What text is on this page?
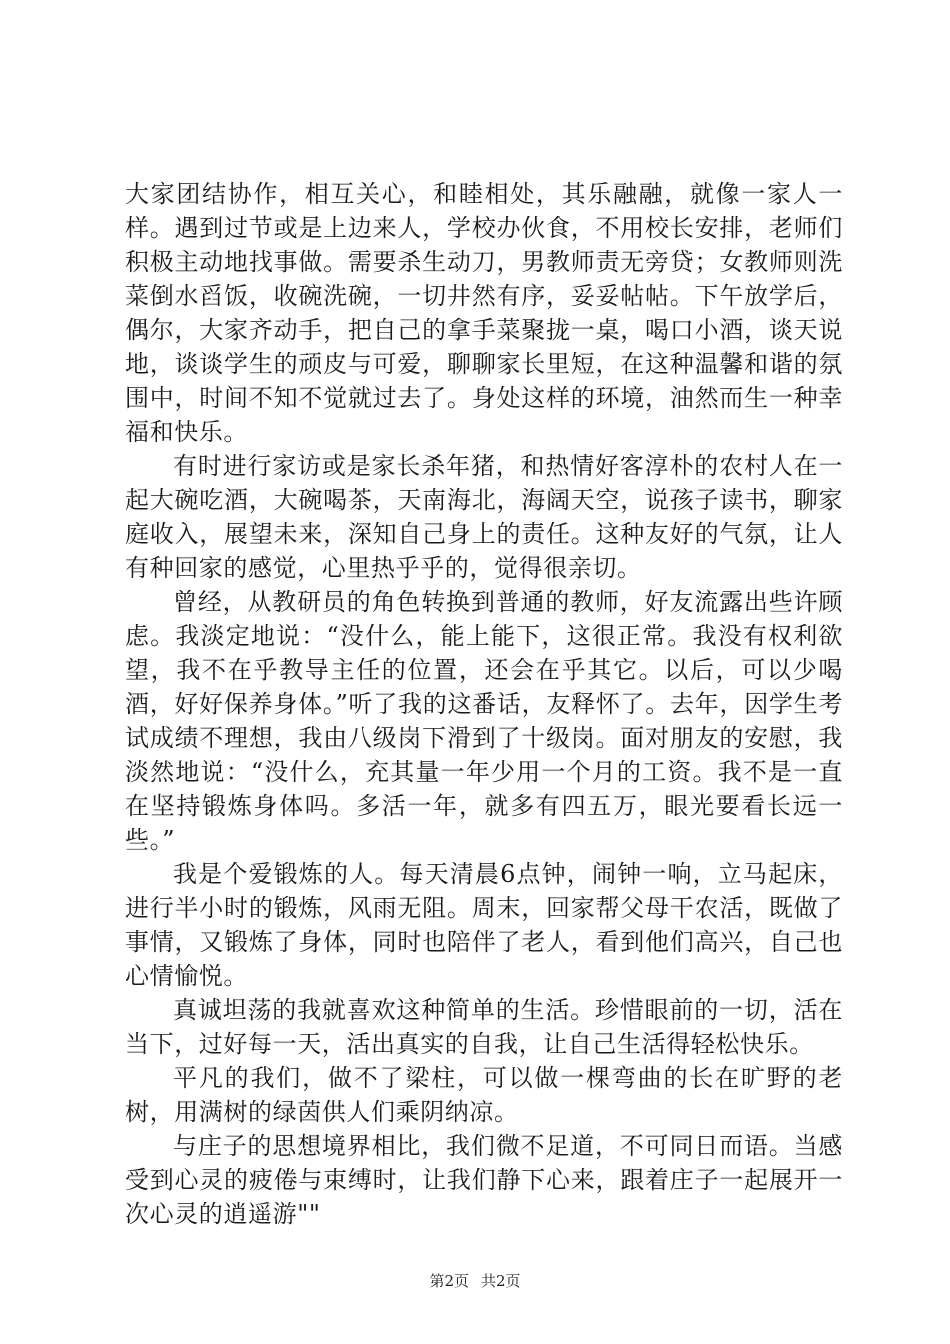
大家团结协作，相互关心，和睦相处，其乐融融，就像一家人一样。遇到过节或是上边来人，学校办伙食，不用校长安排，老师们积极主动地找事做。需要杀生动刀，男教师责无旁贷；女教师则洗菜倒水舀饭，收碗洗碗，一切井然有序，妥妥帖帖。下午放学后，偶尔，大家齐动手，把自己的拿手菜聚拢一桌，喝口小酒，谈天说地，谈谈学生的顽皮与可爱，聊聊家长里短，在这种温馨和谐的氛围中，时间不知不觉就过去了。身处这样的环境，油然而生一种幸福和快乐。

有时进行家访或是家长杀年猪，和热情好客淳朴的农村人在一起大碗吃酒，大碗喝茶，天南海北，海阔天空，说孩子读书，聊家庭收入，展望未来，深知自己身上的责任。这种友好的气氛，让人有种回家的感觉，心里热乎乎的，觉得很亲切。

曾经，从教研员的角色转换到普通的教师，好友流露出些许顾虑。我淡定地说：“没什么，能上能下，这很正常。我没有权利欲望，我不在乎教导主任的位置，还会在乎其它。以后，可以少喝酒，好好保养身体。”听了我的这番话，友释怀了。去年，因学生考试成绩不理想，我由八级岗下滑到了十级岗。面对朋友的安慰，我淡然地说：“没什么，充其量一年少用一个月的工资。我不是一直在坚持锻炼身体吗。多活一年，就多有四五万，眼光要看长远一些。”

我是个爱锻炼的人。每天清晨6点钟，闹钟一响，立马起床，进行半小时的锻炼，风雨无阻。周末，回家帮父母干农活，既做了事情，又锻炼了身体，同时也陪伴了老人，看到他们高兴，自己也心情愉悦。

真诚坦荡的我就喜欢这种简单的生活。珍惜眼前的一切，活在当下，过好每一天，活出真实的自我，让自己生活得轻松快乐。

平凡的我们，做不了梁柱，可以做一棵弯曲的长在旷野的老树，用满树的绿茵供人们乘阴纳凉。

与庄子的思想境界相比，我们微不足道，不可同日而语。当感受到心灵的疲倦与束缚时，让我们静下心来，跟着庄子一起展开一次心灵的逍遥游""

第2页 共2页
